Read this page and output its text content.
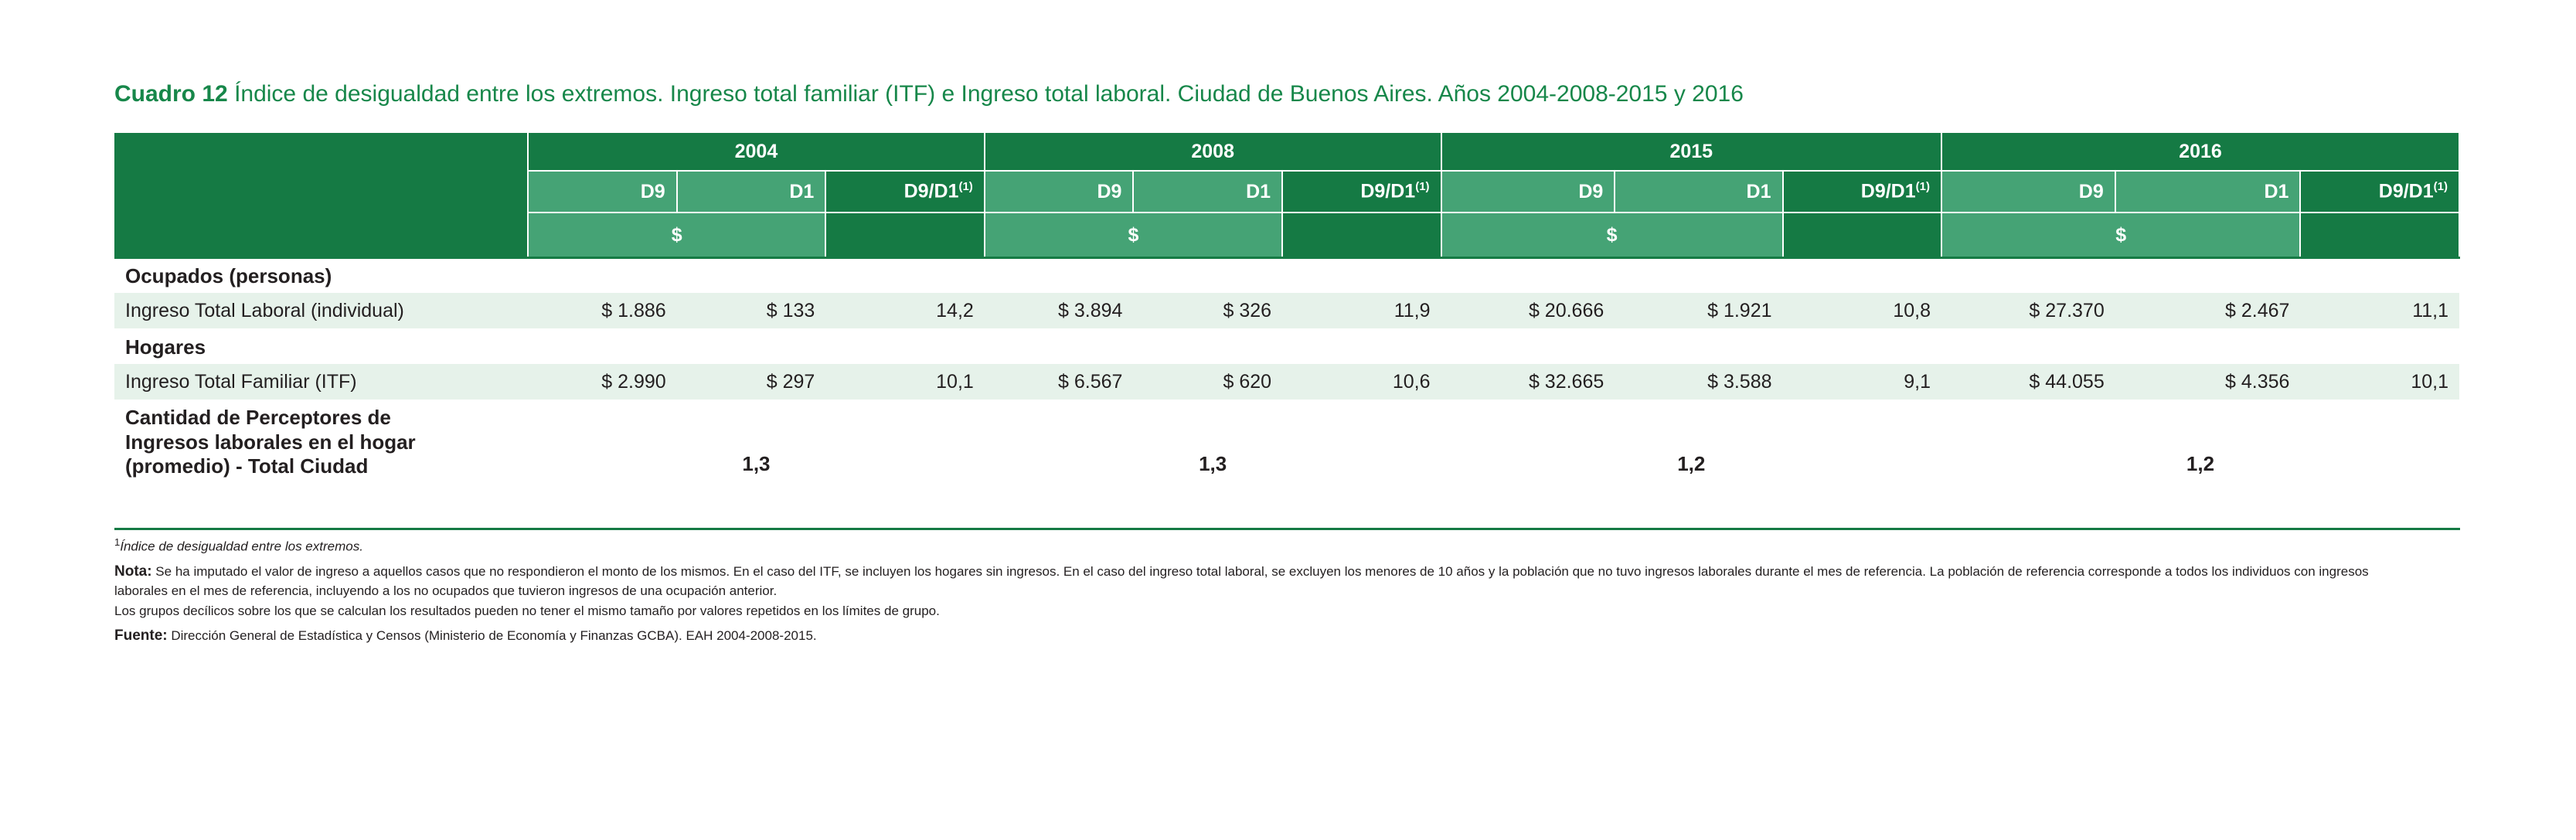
Cuadro 12 Índice de desigualdad entre los extremos. Ingreso total familiar (ITF) e Ingreso total laboral. Ciudad de Buenos Aires. Años 2004-2008-2015 y 2016
	2004			2008			2015			2016		
	D9	D1	D9/D1$^{(1)}$	D9	D1	D9/D1$^{(1)}$	D9	D1	D9/D1$^{(1)}$	D9	D1	D9/D1$^{(1)}$
	$			$			$			$		
Ocupados (personas)												
Ingreso Total Laboral (individual)	$ 1.886	$ 133	14,2	$ 3.894	$ 326	11,9	$ 20.666	$ 1.921	10,8	$ 27.370	$ 2.467	11,1
Hogares												
Ingreso Total Familiar (ITF)	$ 2.990	$ 297	10,1	$ 6.567	$ 620	10,6	$ 32.665	$ 3.588	9,1	$ 44.055	$ 4.356	10,1

Cantidad de Perceptores de
Ingresos laborales en el hogar
(promedio) - Total Ciudad	1,3			1,3			1,2			1,2		

$^1$Índice de desigualdad entre los extremos.

Nota: Se ha imputado el valor de ingreso a aquellos casos que no respondieron el monto de los mismos. En el caso del ITF, se incluyen los hogares sin ingresos. En el caso del ingreso total laboral, se excluyen los menores de 10 años y la población que no tuvo ingresos laborales durante el mes de referencia. La población de referencia corresponde a todos los individuos con ingresos laborales en el mes de referencia, incluyendo a los no ocupados que tuvieron ingresos de una ocupación anterior.

Los grupos decílicos sobre los que se calculan los resultados pueden no tener el mismo tamaño por valores repetidos en los límites de grupo.

Fuente: Dirección General de Estadística y Censos (Ministerio de Economía y Finanzas GCBA). EAH 2004-2008-2015.
